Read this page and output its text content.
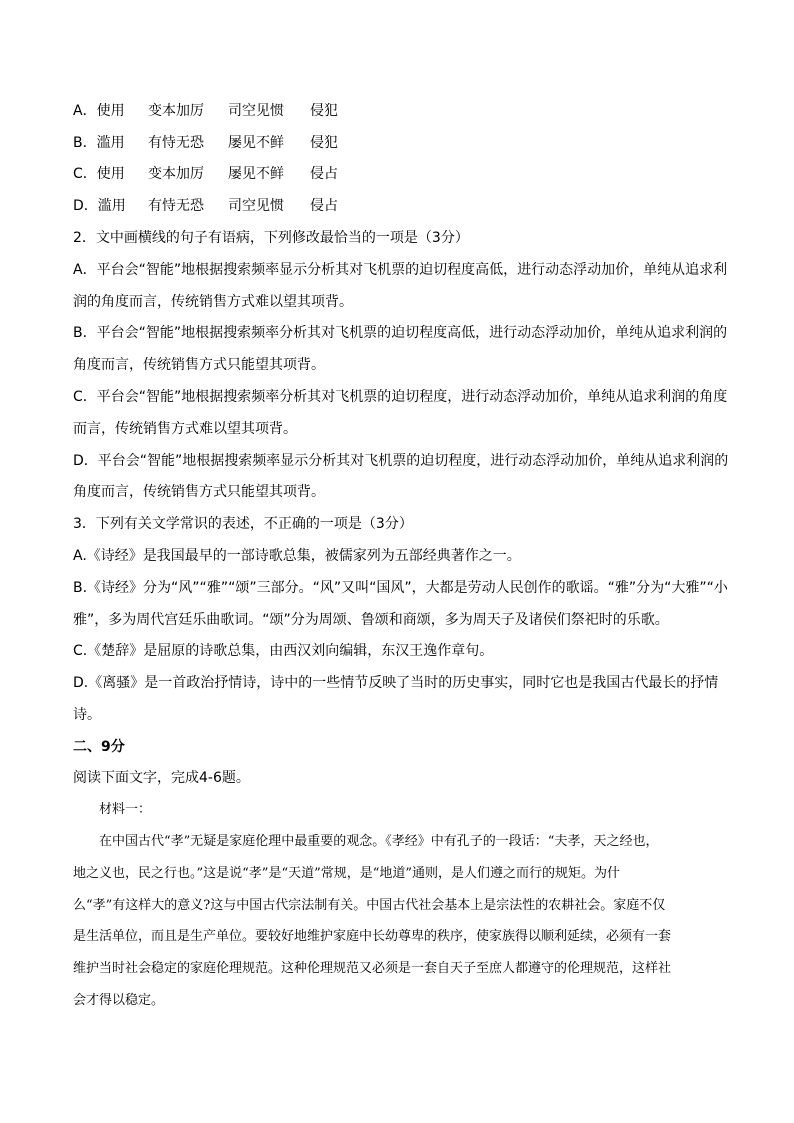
A．使用 变本加厉 司空见惯 侵犯
B．滥用 有恃无恐 屡见不鲜 侵犯
C．使用 变本加厉 屡见不鲜 侵占
D．滥用 有恃无恐 司空见惯 侵占
2．文中画横线的句子有语病，下列修改最恰当的一项是（3分）
A．平台会“智能”地根据搜索频率显示分析其对飞机票的迫切程度高低，进行动态浮动加价，单纯从追求利
润的角度而言，传统销售方式难以望其项背。
B．平台会“智能”地根据搜索频率分析其对飞机票的迫切程度高低，进行动态浮动加价，单纯从追求利润的
角度而言，传统销售方式只能望其项背。
C．平台会“智能”地根据搜索频率分析其对飞机票的迫切程度，进行动态浮动加价，单纯从追求利润的角度
而言，传统销售方式难以望其项背。
D．平台会“智能”地根据搜索频率显示分析其对飞机票的迫切程度，进行动态浮动加价，单纯从追求利润的
角度而言，传统销售方式只能望其项背。
3．下列有关文学常识的表述，不正确的一项是（3分）
A.《诗经》是我国最早的一部诗歌总集，被儒家列为五部经典著作之一。
B.《诗经》分为“风”“雅”“颂”三部分。“风”又叫“国风”，大都是劳动人民创作的歌谣。“雅”分为“大雅”“小
雅”，多为周代宫廷乐曲歌词。“颂”分为周颂、鲁颂和商颂，多为周天子及诸侯们祭祀时的乐歌。
C.《楚辞》是屈原的诗歌总集，由西汉刘向编辑，东汉王逸作章句。
D.《离骚》是一首政治抒情诗，诗中的一些情节反映了当时的历史事实，同时它也是我国古代最长的抒情
诗。
二、9分
阅读下面文字，完成4-6题。
材料一：
在中国古代“孝”无疑是家庭伦理中最重要的观念。《孝经》中有孔子的一段话：“夫孝，天之经也，
地之义也，民之行也。”这是说“孝”是“天道”常规，是“地道”通则，是人们遵之而行的规矩。为什
么“孝”有这样大的意义?这与中国古代宗法制有关。中国古代社会基本上是宗法性的农耕社会。家庭不仅
是生活单位，而且是生产单位。要较好地维护家庭中长幼尊卑的秩序，使家族得以顺利延续，必须有一套
维护当时社会稳定的家庭伦理规范。这种伦理规范又必须是一套自天子至庶人都遵守的伦理规范，这样社
会才得以稳定。
